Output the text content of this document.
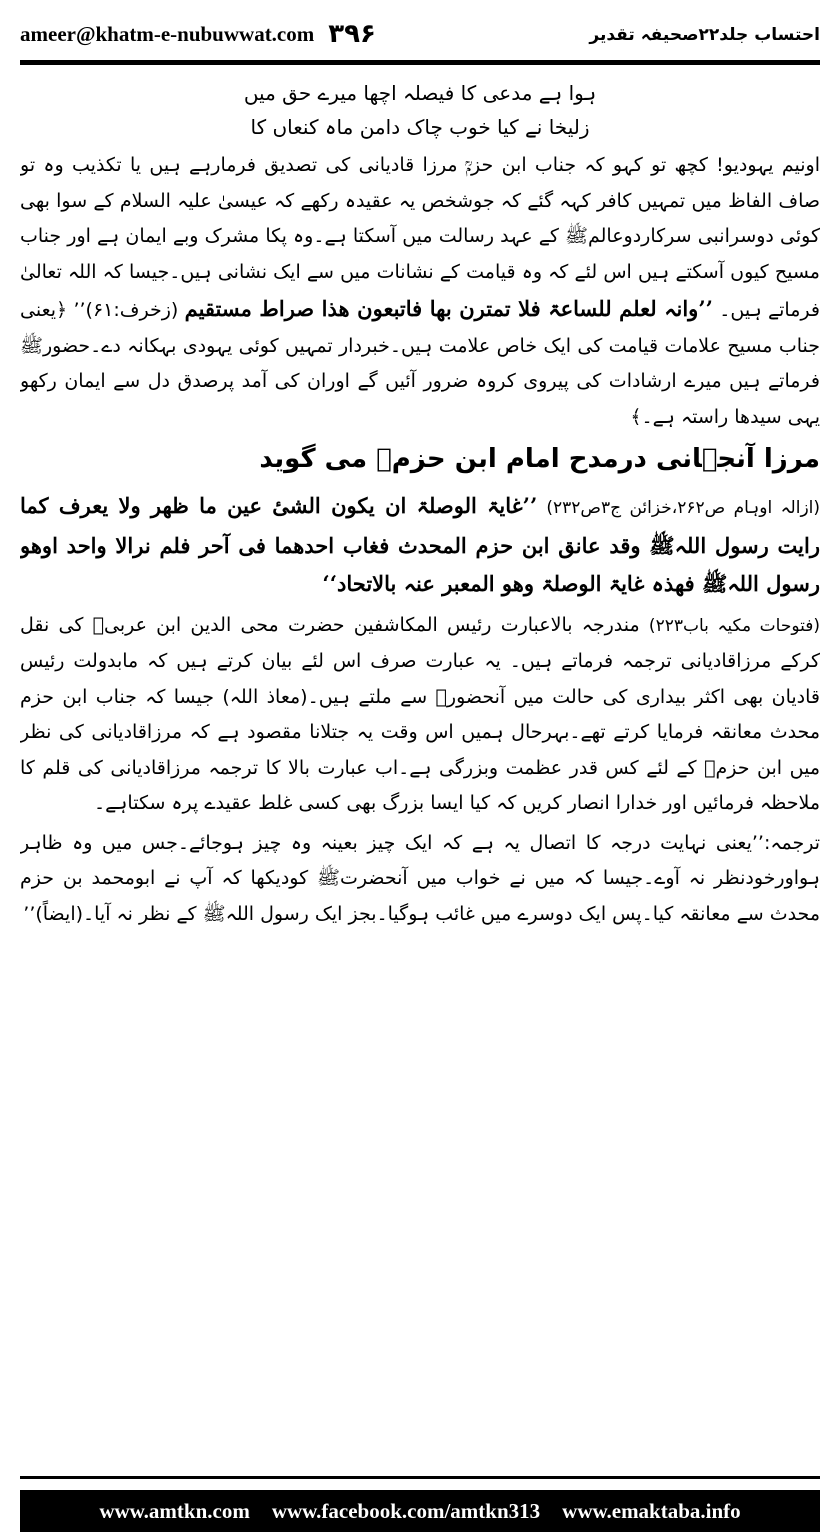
ameer@khatm-e-nubuwwat.com ۳۹۶	احتساب جلد۲۲صحیفہ تقدیر

ہوا ہے مدعی کا فیصلہ اچھا میرے حق میں

زلیخا نے کیا خوب چاک دامن ماہ کنعاں کا

اونیم یہودیو! کچھ تو کہو کہ جناب ابن حزمؒ مرزا قادیانی کی تصدیق فرمارہے ہیں یا تکذیب وہ تو صاف الفاظ میں تمہیں کافر کہہ گئے کہ جوشخص یہ عقیدہ رکھے کہ عیسیٰ علیہ السلام کے سوا بھی کوئی دوسرانبی سرکاردوعالمﷺ کے عہد رسالت میں آسکتا ہے۔وہ پکا مشرک وبے ایمان ہے اور جناب مسیح کیوں آسکتے ہیں اس لئے کہ وہ قیامت کے نشانات میں سے ایک نشانی ہیں۔جیسا کہ اللہ تعالیٰ فرماتے ہیں۔ ’’وانہ لعلم للساعۃ فلا تمترن بھا فاتبعون ھذا صراط مستقیم (زخرف:۶۱)’’ ﴿یعنی جناب مسیح علامات قیامت کی ایک خاص علامت ہیں۔خبردار تمہیں کوئی یہودی بہکانہ دے۔حضورﷺ فرماتے ہیں میرے ارشادات کی پیروی کروہ ضرور آئیں گے اوران کی آمد پرصدق دل سے ایمان رکھو یہی سیدھا راستہ ہے۔﴾

مرزا آنجہانی درمدح امام ابن حزمؒ می گوید

(ازالہ اوہام ص۲۶۲،خزائن ج۳ص۲۳۲) ’’غایۃ الوصلۃ ان یکون الشیٔ عین ما ظھر ولا یعرف کما رایت رسول اللہﷺ وقد عانق ابن حزم المحدث فغاب احدھما فی آحر فلم نرالا واحد اوھو رسول اللہﷺ فھذہ غایۃ الوصلۃ وھو المعبر عنہ بالاتحاد‘‘

(فتوحات مکیہ باب۲۲۳) مندرجہ بالاعبارت رئیس المکاشفین حضرت محی الدین ابن عربیؒ کی نقل کرکے مرزاقادیانی ترجمہ فرماتے ہیں۔ یہ عبارت صرف اس لئے بیان کرتے ہیں کہ مابدولت رئیس قادیان بھی اکثر بیداری کی حالت میں آنحضورﷺ سے ملتے ہیں۔(معاذ اللہ) جیسا کہ جناب ابن حزم محدث معانقہ فرمایا کرتے تھے۔بہرحال ہمیں اس وقت یہ جتلانا مقصود ہے کہ مرزاقادیانی کی نظر میں ابن حزمؒ کے لئے کس قدر عظمت وبزرگی ہے۔اب عبارت بالا کا ترجمہ مرزاقادیانی کی قلم کا ملاحظہ فرمائیں اور خدارا انصار کریں کہ کیا ایسا بزرگ بھی کسی غلط عقیدے پرہ سکتاہے۔

ترجمہ:’’یعنی نہایت درجہ کا اتصال یہ ہے کہ ایک چیز بعینہ وہ چیز ہوجائے۔جس میں وہ ظاہر ہواورخودنظر نہ آوے۔جیسا کہ میں نے خواب میں آنحضرتﷺ کودیکھا کہ آپ نے ابومحمد بن حزم محدث سے معانقہ کیا۔پس ایک دوسرے میں غائب ہوگیا۔بجز ایک رسول اللہﷺ کے نظر نہ آیا۔(ایضاً)’’

www.amtkn.com www.facebook.com/amtkn313 www.emaktaba.info
